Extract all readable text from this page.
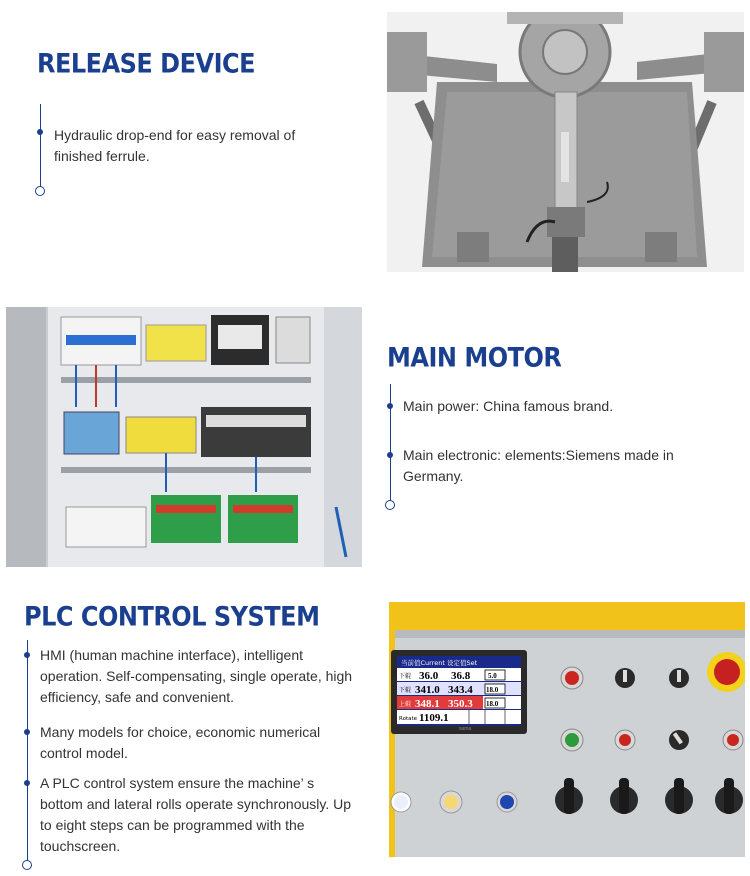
RELEASE DEVICE

Hydraulic drop-end for easy removal of finished ferrule.

MAIN MOTOR

Main power: China famous brand.

Main electronic: elements:Siemens made in Germany.

PLC CONTROL SYSTEM

HMI (human machine interface), intelligent operation. Self-compensating, single operate, high efficiency, safe and convenient.

Many models for choice, economic numerical control model.

A PLC control system ensure the machine’ s bottom and lateral rolls operate synchronously. Up to eight steps can be programmed with the touchscreen.

sama
当前值Current 设定值Set
下辊 36.0 36.8	5.0
下辊 341.0 343.4 18.0
上辊 348.1 350.3 18.0
Rotate 1109.1
